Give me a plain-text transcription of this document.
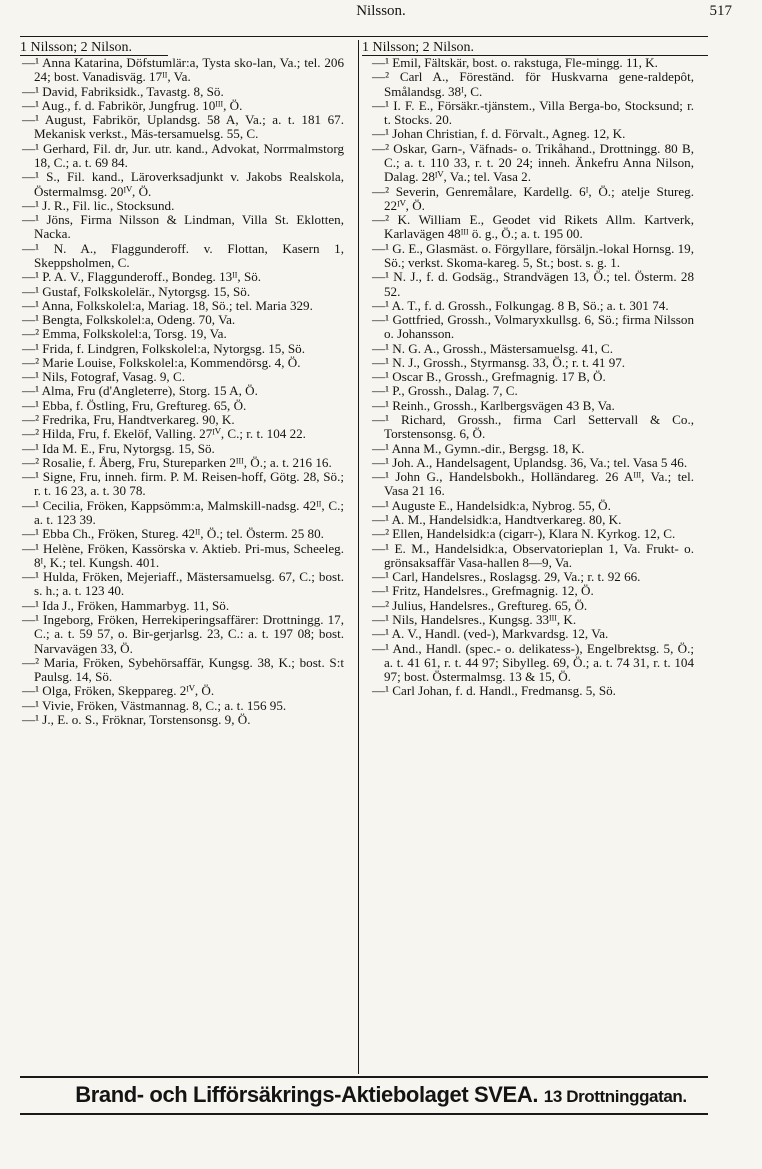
Nilsson.	517
1 Nilsson; 2 Nilson.	1 Nilsson; 2 Nilson.

—¹ Anna Katarina, Döfstumlär:a, Tysta sko-lan, Va.; tel. 206 24; bost. Vanadisväg. 17ᴵᴵ, Va.

—¹ David, Fabriksidk., Tavastg. 8, Sö.

—¹ Aug., f. d. Fabrikör, Jungfrug. 10ᴵᴵᴵ, Ö.

—¹ August, Fabrikör, Uplandsg. 58 A, Va.; a. t. 181 67. Mekanisk verkst., Mäs-tersamuelsg. 55, C.

—¹ Gerhard, Fil. dr, Jur. utr. kand., Advokat, Norrmalmstorg 18, C.; a. t. 69 84.

—¹ S., Fil. kand., Läroverksadjunkt v. Jakobs Realskola, Östermalmsg. 20ᴵⱽ, Ö.

—¹ J. R., Fil. lic., Stocksund.

—¹ Jöns, Firma Nilsson & Lindman, Villa St. Eklotten, Nacka.

—¹ N. A., Flaggunderoff. v. Flottan, Kasern 1, Skeppsholmen, C.

—¹ P. A. V., Flaggunderoff., Bondeg. 13ᴵᴵ, Sö.

—¹ Gustaf, Folkskolelär., Nytorgsg. 15, Sö.

—¹ Anna, Folkskolel:a, Mariag. 18, Sö.; tel. Maria 329.

—¹ Bengta, Folkskolel:a, Odeng. 70, Va.

—² Emma, Folkskolel:a, Torsg. 19, Va.

—¹ Frida, f. Lindgren, Folkskolel:a, Nytorgsg. 15, Sö.

—² Marie Louise, Folkskolel:a, Kommendörsg. 4, Ö.

—¹ Nils, Fotograf, Vasag. 9, C.

—¹ Alma, Fru (d'Angleterre), Storg. 15 A, Ö.

—¹ Ebba, f. Östling, Fru, Greftureg. 65, Ö.

—² Fredrika, Fru, Handtverkareg. 90, K.

—² Hilda, Fru, f. Ekelöf, Valling. 27ᴵⱽ, C.; r. t. 104 22.

—¹ Ida M. E., Fru, Nytorgsg. 15, Sö.

—² Rosalie, f. Åberg, Fru, Stureparken 2ᴵᴵᴵ, Ö.; a. t. 216 16.

—¹ Signe, Fru, inneh. firm. P. M. Reisen-hoff, Götg. 28, Sö.; r. t. 16 23, a. t. 30 78.

—¹ Cecilia, Fröken, Kappsömm:a, Malmskill-nadsg. 42ᴵᴵ, C.; a. t. 123 39.

—¹ Ebba Ch., Fröken, Stureg. 42ᴵᴵ, Ö.; tel. Österm. 25 80.

—¹ Helène, Fröken, Kassörska v. Aktieb. Pri-mus, Scheeleg. 8ᴵ, K.; tel. Kungsh. 401.

—¹ Hulda, Fröken, Mejeriaff., Mästersamuelsg. 67, C.; bost. s. h.; a. t. 123 40.

—¹ Ida J., Fröken, Hammarbyg. 11, Sö.

—¹ Ingeborg, Fröken, Herrekiperingsaffärer: Drottningg. 17, C.; a. t. 59 57, o. Bir-gerjarlsg. 23, C.: a. t. 197 08; bost. Narvavägen 33, Ö.

—² Maria, Fröken, Sybehörsaffär, Kungsg. 38, K.; bost. S:t Paulsg. 14, Sö.

—¹ Olga, Fröken, Skeppareg. 2ᴵⱽ, Ö.

—¹ Vivie, Fröken, Västmannag. 8, C.; a. t. 156 95.

—¹ J., E. o. S., Fröknar, Torstensonsg. 9, Ö.

—¹ Emil, Fältskär, bost. o. rakstuga, Fle-mingg. 11, K.

—² Carl A., Föreständ. för Huskvarna gene-raldepôt, Smålandsg. 38ᴵ, C.

—¹ I. F. E., Försäkr.-tjänstem., Villa Berga-bo, Stocksund; r. t. Stocks. 20.

—¹ Johan Christian, f. d. Förvalt., Agneg. 12, K.

—² Oskar, Garn-, Väfnads- o. Trikåhand., Drottningg. 80 B, C.; a. t. 110 33, r. t. 20 24; inneh. Änkefru Anna Nilson, Dalag. 28ᴵⱽ, Va.; tel. Vasa 2.

—² Severin, Genremålare, Kardellg. 6ᴵ, Ö.; atelje Stureg. 22ᴵⱽ, Ö.

—² K. William E., Geodet vid Rikets Allm. Kartverk, Karlavägen 48ᴵᴵᴵ ö. g., Ö.; a. t. 195 00.

—¹ G. E., Glasmäst. o. Förgyllare, försäljn.-lokal Hornsg. 19, Sö.; verkst. Skoma-kareg. 5, St.; bost. s. g. 1.

—¹ N. J., f. d. Godsäg., Strandvägen 13, Ö.; tel. Österm. 28 52.

—¹ A. T., f. d. Grossh., Folkungag. 8 B, Sö.; a. t. 301 74.

—¹ Gottfried, Grossh., Volmaryxkullsg. 6, Sö.; firma Nilsson o. Johansson.

—¹ N. G. A., Grossh., Mästersamuelsg. 41, C.

—¹ N. J., Grossh., Styrmansg. 33, Ö.; r. t. 41 97.

—¹ Oscar B., Grossh., Grefmagnig. 17 B, Ö.

—¹ P., Grossh., Dalag. 7, C.

—¹ Reinh., Grossh., Karlbergsvägen 43 B, Va.

—¹ Richard, Grossh., firma Carl Settervall & Co., Torstensonsg. 6, Ö.

—¹ Anna M., Gymn.-dir., Bergsg. 18, K.

—¹ Joh. A., Handelsagent, Uplandsg. 36, Va.; tel. Vasa 5 46.

—¹ John G., Handelsbokh., Holländareg. 26 Aᴵᴵᴵ, Va.; tel. Vasa 21 16.

—¹ Auguste E., Handelsidk:a, Nybrog. 55, Ö.

—¹ A. M., Handelsidk:a, Handtverkareg. 80, K.

—² Ellen, Handelsidk:a (cigarr-), Klara N. Kyrkog. 12, C.

—¹ E. M., Handelsidk:a, Observatorieplan 1, Va. Frukt- o. grönsaksaffär Vasa-hallen 8—9, Va.

—¹ Carl, Handelsres., Roslagsg. 29, Va.; r. t. 92 66.

—¹ Fritz, Handelsres., Grefmagnig. 12, Ö.

—² Julius, Handelsres., Greftureg. 65, Ö.

—¹ Nils, Handelsres., Kungsg. 33ᴵᴵᴵ, K.

—¹ A. V., Handl. (ved-), Markvardsg. 12, Va.

—¹ And., Handl. (spec.- o. delikatess-), Engelbrektsg. 5, Ö.; a. t. 41 61, r. t. 44 97; Sibylleg. 69, Ö.; a. t. 74 31, r. t. 104 97; bost. Östermalmsg. 13 & 15, Ö.

—¹ Carl Johan, f. d. Handl., Fredmansg. 5, Sö.

Brand- och Lifförsäkrings-Aktiebolaget SVEA. 13 Drottninggatan.
